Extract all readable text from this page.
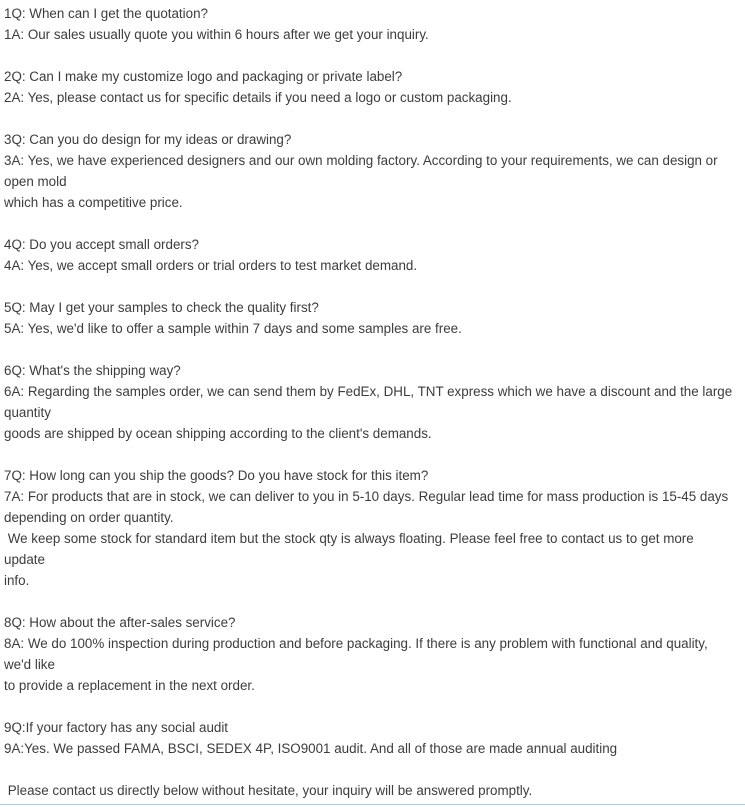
1Q: When can I get the quotation?
1A: Our sales usually quote you within 6 hours after we get your inquiry.
2Q: Can I make my customize logo and packaging or private label?
2A: Yes, please contact us for specific details if you need a logo or custom packaging.
3Q: Can you do design for my ideas or drawing?
3A: Yes, we have experienced designers and our own molding factory. According to your requirements, we can design or
open mold
which has a competitive price.
4Q: Do you accept small orders?
4A: Yes, we accept small orders or trial orders to test market demand.
5Q: May I get your samples to check the quality first?
5A: Yes, we'd like to offer a sample within 7 days and some samples are free.
6Q: What's the shipping way?
6A: Regarding the samples order, we can send them by FedEx, DHL, TNT express which we have a discount and the large
quantity
goods are shipped by ocean shipping according to the client's demands.
7Q: How long can you ship the goods? Do you have stock for this item?
7A: For products that are in stock, we can deliver to you in 5-10 days. Regular lead time for mass production is 15-45 days
depending on order quantity.
We keep some stock for standard item but the stock qty is always floating. Please feel free to contact us to get more
update
info.
8Q: How about the after-sales service?
8A: We do 100% inspection during production and before packaging. If there is any problem with functional and quality,
we'd like
to provide a replacement in the next order.
9Q:If your factory has any social audit
9A:Yes. We passed FAMA, BSCI, SEDEX 4P, ISO9001 audit. And all of those are made annual auditing
Please contact us directly below without hesitate, your inquiry will be answered promptly.
